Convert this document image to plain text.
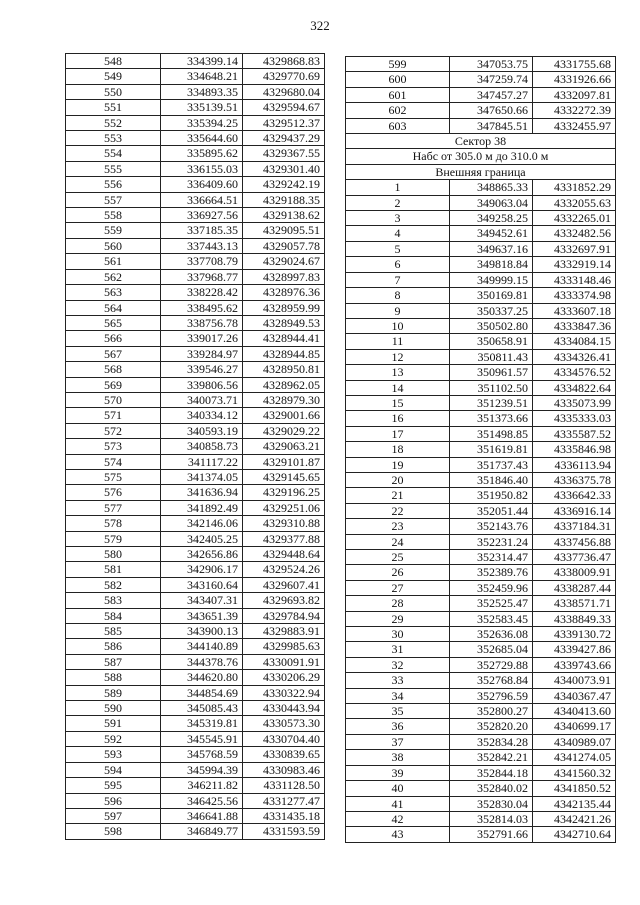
322
548	334399.14	4329868.83
549	334648.21	4329770.69
550	334893.35	4329680.04
551	335139.51	4329594.67
552	335394.25	4329512.37
553	335644.60	4329437.29
554	335895.62	4329367.55
555	336155.03	4329301.40
556	336409.60	4329242.19
557	336664.51	4329188.35
558	336927.56	4329138.62
559	337185.35	4329095.51
560	337443.13	4329057.78
561	337708.79	4329024.67
562	337968.77	4328997.83
563	338228.42	4328976.36
564	338495.62	4328959.99
565	338756.78	4328949.53
566	339017.26	4328944.41
567	339284.97	4328944.85
568	339546.27	4328950.81
569	339806.56	4328962.05
570	340073.71	4328979.30
571	340334.12	4329001.66
572	340593.19	4329029.22
573	340858.73	4329063.21
574	341117.22	4329101.87
575	341374.05	4329145.65
576	341636.94	4329196.25
577	341892.49	4329251.06
578	342146.06	4329310.88
579	342405.25	4329377.88
580	342656.86	4329448.64
581	342906.17	4329524.26
582	343160.64	4329607.41
583	343407.31	4329693.82
584	343651.39	4329784.94
585	343900.13	4329883.91
586	344140.89	4329985.63
587	344378.76	4330091.91
588	344620.80	4330206.29
589	344854.69	4330322.94
590	345085.43	4330443.94
591	345319.81	4330573.30
592	345545.91	4330704.40
593	345768.59	4330839.65
594	345994.39	4330983.46
595	346211.82	4331128.50
596	346425.56	4331277.47
597	346641.88	4331435.18
598	346849.77	4331593.59
599	347053.75	4331755.68
600	347259.74	4331926.66
601	347457.27	4332097.81
602	347650.66	4332272.39
603	347845.51	4332455.97
Сектор 38		
Набс от 305.0 м до 310.0 м		
Внешняя граница		
1	348865.33	4331852.29
2	349063.04	4332055.63
3	349258.25	4332265.01
4	349452.61	4332482.56
5	349637.16	4332697.91
6	349818.84	4332919.14
7	349999.15	4333148.46
8	350169.81	4333374.98
9	350337.25	4333607.18
10	350502.80	4333847.36
11	350658.91	4334084.15
12	350811.43	4334326.41
13	350961.57	4334576.52
14	351102.50	4334822.64
15	351239.51	4335073.99
16	351373.66	4335333.03
17	351498.85	4335587.52
18	351619.81	4335846.98
19	351737.43	4336113.94
20	351846.40	4336375.78
21	351950.82	4336642.33
22	352051.44	4336916.14
23	352143.76	4337184.31
24	352231.24	4337456.88
25	352314.47	4337736.47
26	352389.76	4338009.91
27	352459.96	4338287.44
28	352525.47	4338571.71
29	352583.45	4338849.33
30	352636.08	4339130.72
31	352685.04	4339427.86
32	352729.88	4339743.66
33	352768.84	4340073.91
34	352796.59	4340367.47
35	352800.27	4340413.60
36	352820.20	4340699.17
37	352834.28	4340989.07
38	352842.21	4341274.05
39	352844.18	4341560.32
40	352840.02	4341850.52
41	352830.04	4342135.44
42	352814.03	4342421.26
43	352791.66	4342710.64
